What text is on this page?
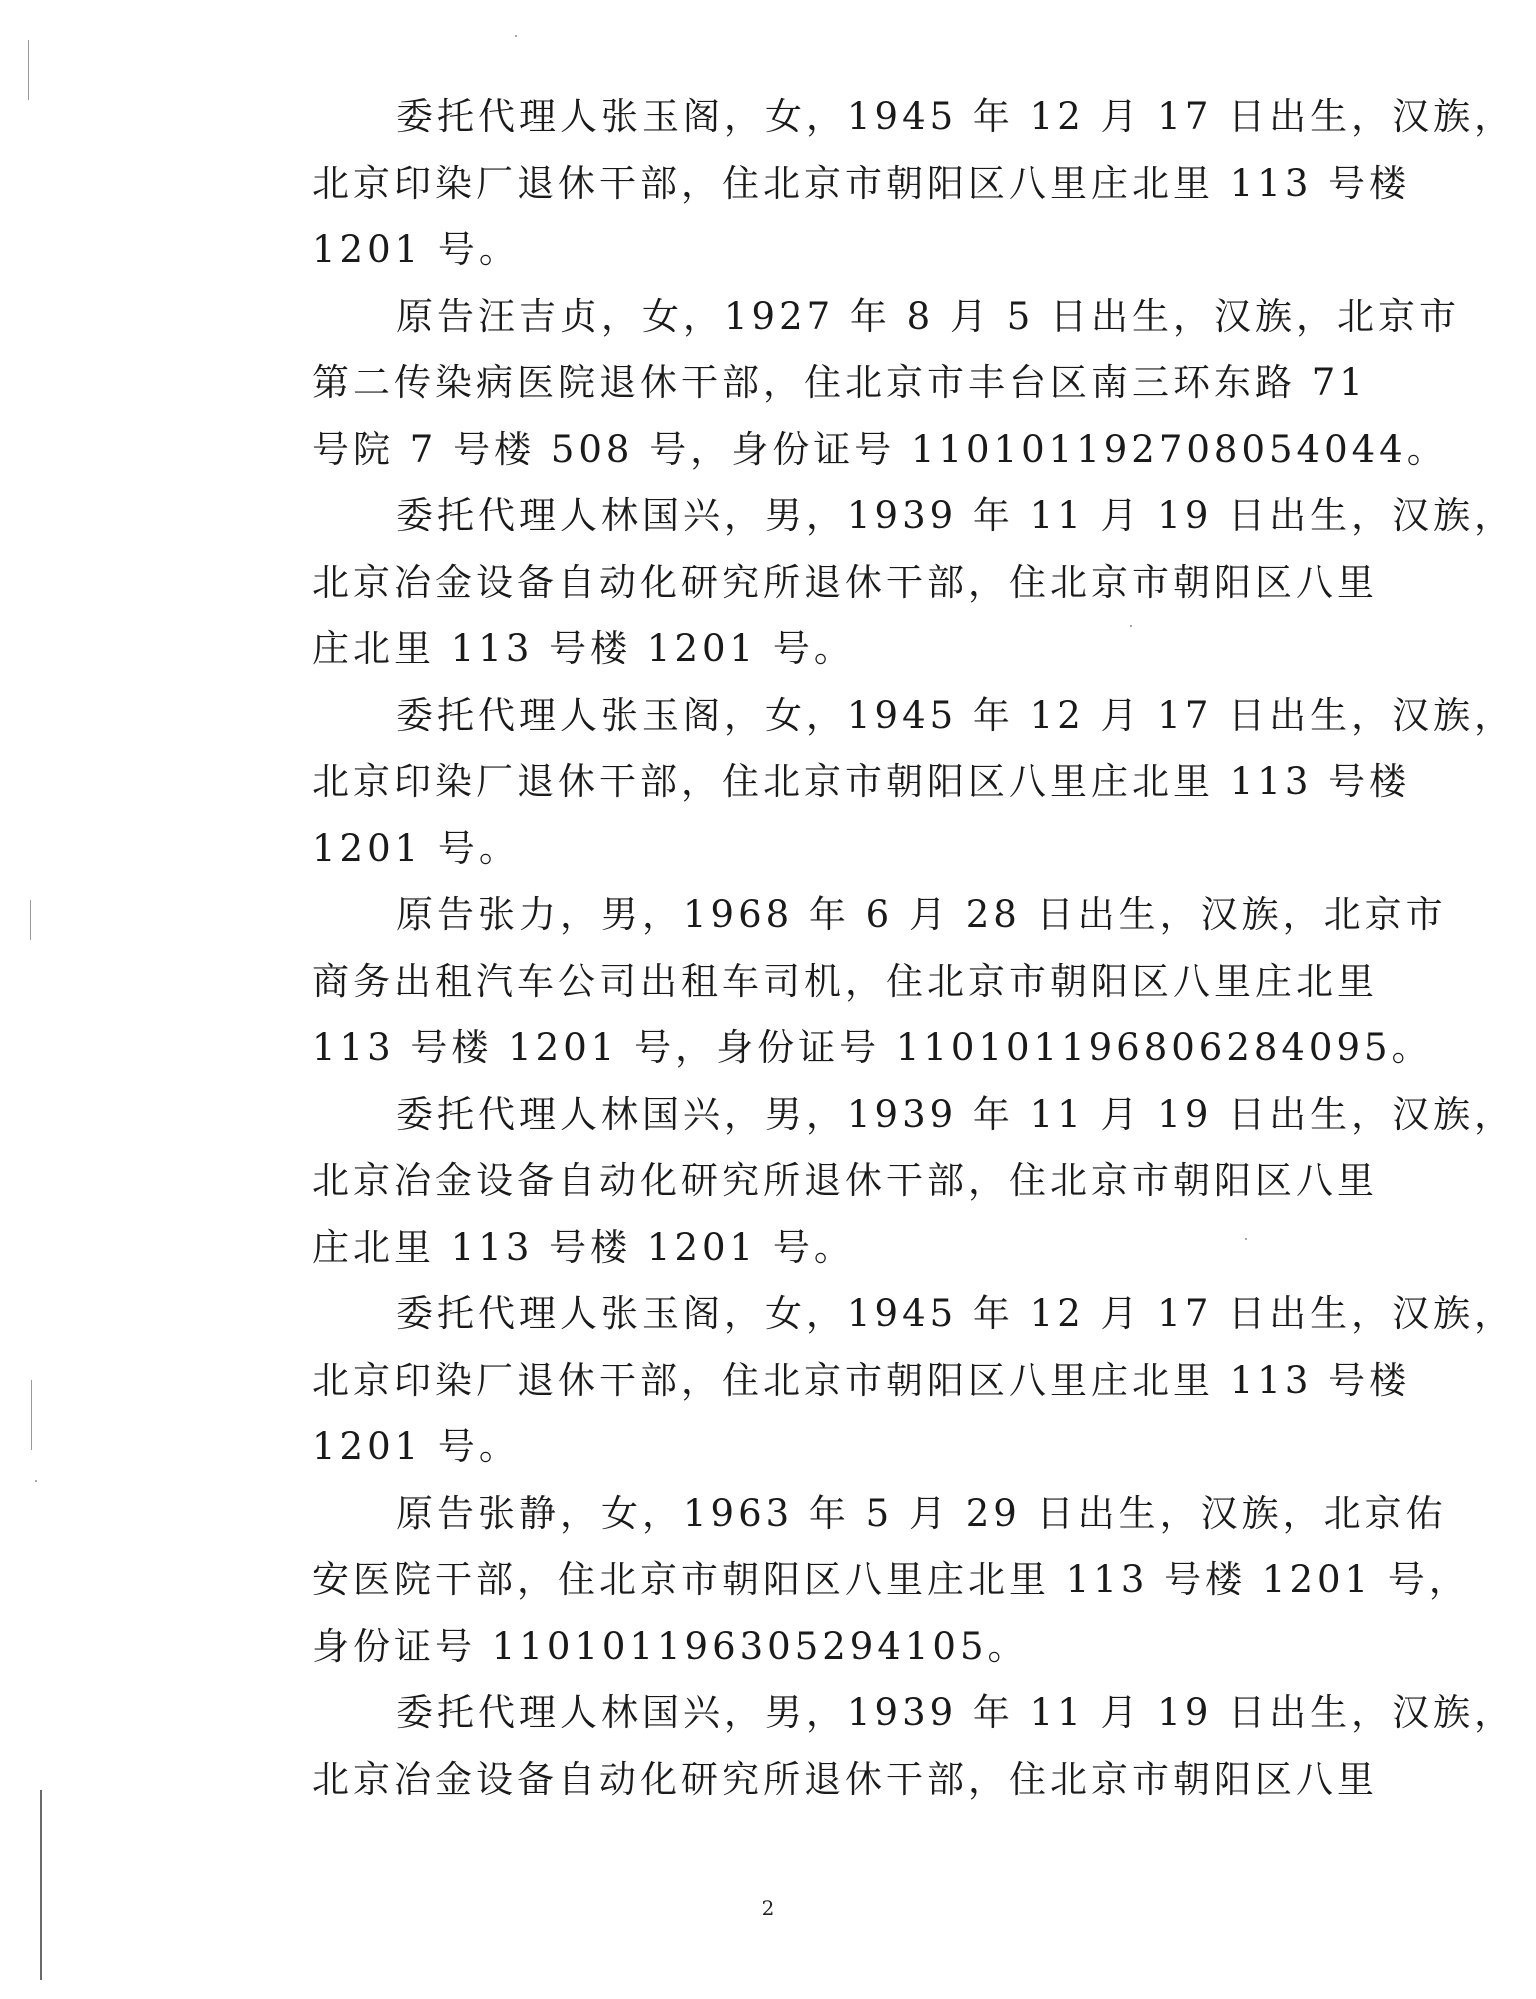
委托代理人张玉阁，女，1945 年 12 月 17 日出生，汉族，
北京印染厂退休干部，住北京市朝阳区八里庄北里 113 号楼
1201 号。
原告汪吉贞，女，1927 年 8 月 5 日出生，汉族，北京市
第二传染病医院退休干部，住北京市丰台区南三环东路 71
号院 7 号楼 508 号，身份证号 110101192708054044。
委托代理人林国兴，男，1939 年 11 月 19 日出生，汉族，
北京冶金设备自动化研究所退休干部，住北京市朝阳区八里
庄北里 113 号楼 1201 号。
委托代理人张玉阁，女，1945 年 12 月 17 日出生，汉族，
北京印染厂退休干部，住北京市朝阳区八里庄北里 113 号楼
1201 号。
原告张力，男，1968 年 6 月 28 日出生，汉族，北京市
商务出租汽车公司出租车司机，住北京市朝阳区八里庄北里
113 号楼 1201 号，身份证号 110101196806284095。
委托代理人林国兴，男，1939 年 11 月 19 日出生，汉族，
北京冶金设备自动化研究所退休干部，住北京市朝阳区八里
庄北里 113 号楼 1201 号。
委托代理人张玉阁，女，1945 年 12 月 17 日出生，汉族，
北京印染厂退休干部，住北京市朝阳区八里庄北里 113 号楼
1201 号。
原告张静，女，1963 年 5 月 29 日出生，汉族，北京佑
安医院干部，住北京市朝阳区八里庄北里 113 号楼 1201 号，
身份证号 110101196305294105。
委托代理人林国兴，男，1939 年 11 月 19 日出生，汉族，
北京冶金设备自动化研究所退休干部，住北京市朝阳区八里
2
